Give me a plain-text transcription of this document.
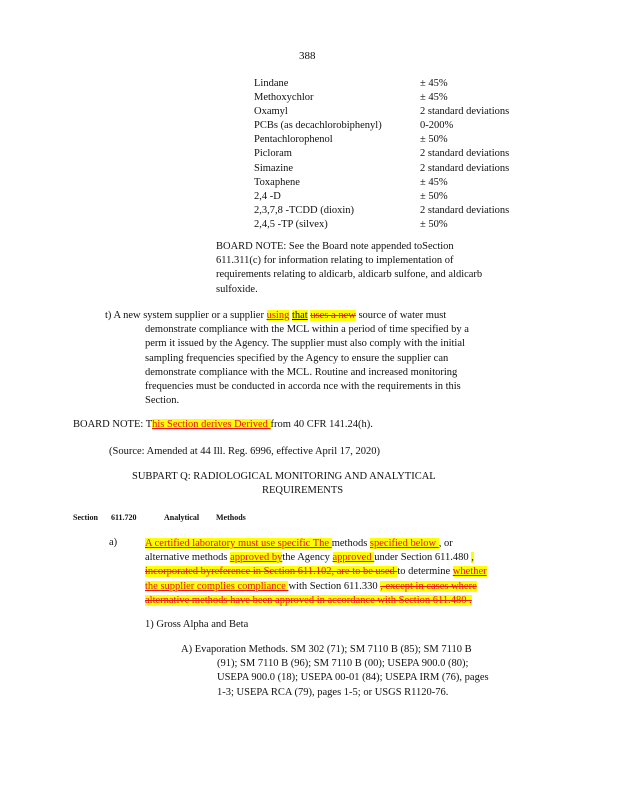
388
Lindane	± 45%
Methoxychlor	± 45%
Oxamyl	2 standard deviations
PCBs (as decachlorobiphenyl)	0-200%
Pentachlorophenol	± 50%
Picloram	2 standard deviations
Simazine	2 standard deviations
Toxaphene	± 45%
2,4 -D	± 50%
2,3,7,8 -TCDD (dioxin)	2 standard deviations
2,4,5 -TP (silvex)	± 50%
BOARD NOTE: See the Board note appended toSection
611.311(c) for information relating to implementation of
requirements relating to aldicarb, aldicarb sulfone, and aldicarb
sulfoxide.
t) A new system supplier or a supplier using that uses a new source of water must
demonstrate compliance with the MCL within a period of time specified by a
perm it issued by the Agency. The supplier must also comply with the initial
sampling frequencies specified by the Agency to ensure the supplier can
demonstrate compliance with the MCL. Routine and increased monitoring
frequencies must be conducted in accorda nce with the requirements in this
Section.
BOARD NOTE: This Section derives Derived from 40 CFR 141.24(h).
(Source: Amended at 44 Ill. Reg. 6996, effective April 17, 2020)
SUBPART Q: RADIOLOGICAL MONITORING AND ANALYTICAL
REQUIREMENTS
Section 611.720	Analytical Methods
a)	A certified laboratory must use specific The methods specified below , or
alternative methods approved bythe Agency approved under Section 611.480 ,
incorporated byreference in Section 611.102, are to be used to determine whether
the supplier complies compliance with Section 611.330 , except in cases where
alternative methods have been approved in accordance with Section 611.480 .
1) Gross Alpha and Beta
A) Evaporation Methods. SM 302 (71); SM 7110 B (85); SM 7110 B
(91); SM 7110 B (96); SM 7110 B (00); USEPA 900.0 (80);
USEPA 900.0 (18); USEPA 00-01 (84); USEPA IRM (76), pages
1-3; USEPA RCA (79), pages 1-5; or USGS R1120-76.
